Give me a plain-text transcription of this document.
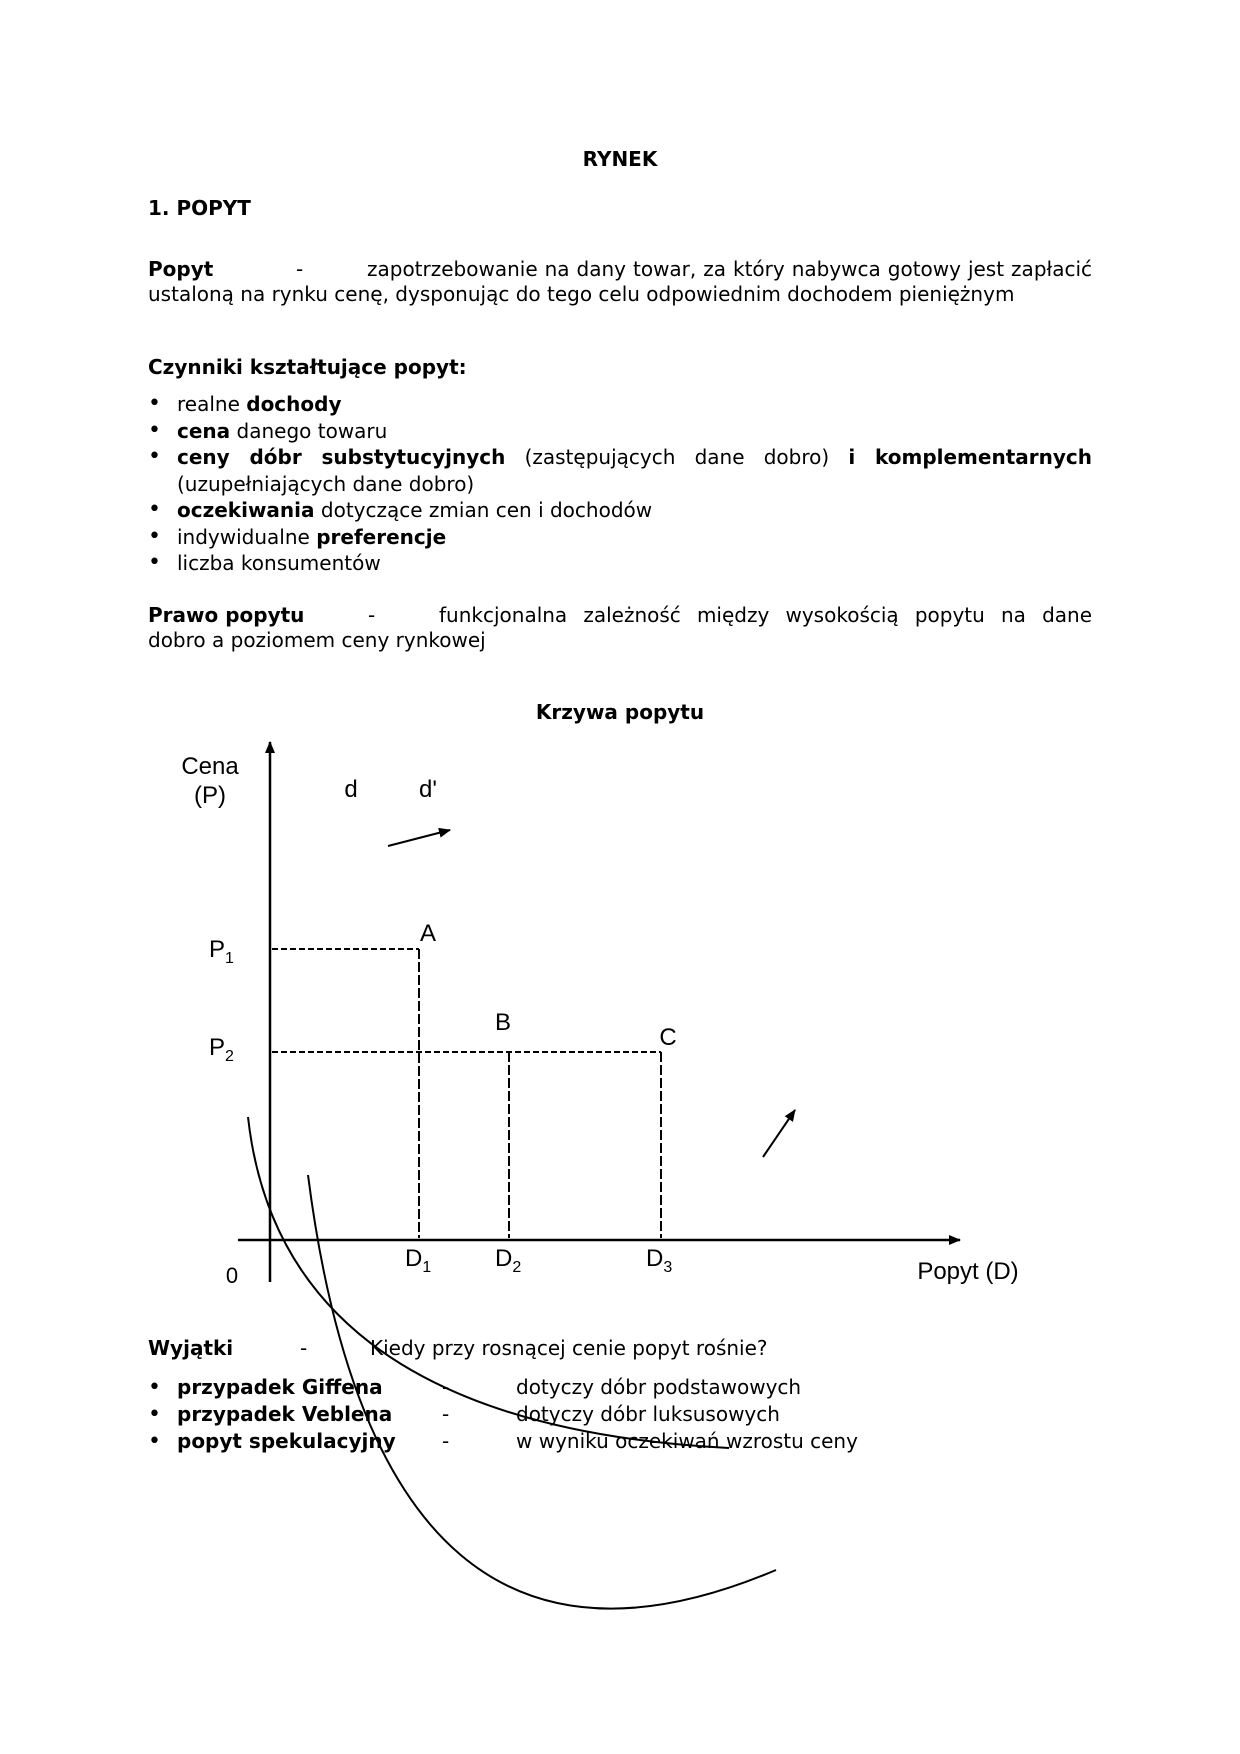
RYNEK
1. POPYT
Popyt	-	zapotrzebowanie na dany towar, za który nabywca gotowy jest zapłacić ustaloną na rynku cenę, dysponując do tego celu odpowiednim dochodem pieniężnym
Czynniki kształtujące popyt:
• realne dochody
• cena danego towaru
• ceny dóbr substytucyjnych (zastępujących dane dobro) i komplementarnych (uzupełniających dane dobro)
• oczekiwania dotyczące zmian cen i dochodów
• indywidualne preferencje
• liczba konsumentów
Prawo popytu	-	funkcjonalna zależność między wysokością popytu na dane dobro a poziomem ceny rynkowej
Krzywa popytu
Cena
(P)
Popyt (D)
0
d	d'
$P_1$
$P_2$
A
B
C
$D_1$	$D_2$	$D_3$
Wyjątki	-	Kiedy przy rosnącej cenie popyt rośnie?
• przypadek Giffena	-	dotyczy dóbr podstawowych
• przypadek Veblena -	dotyczy dóbr luksusowych
• popyt spekulacyjny -	w wyniku oczekiwań wzrostu ceny
